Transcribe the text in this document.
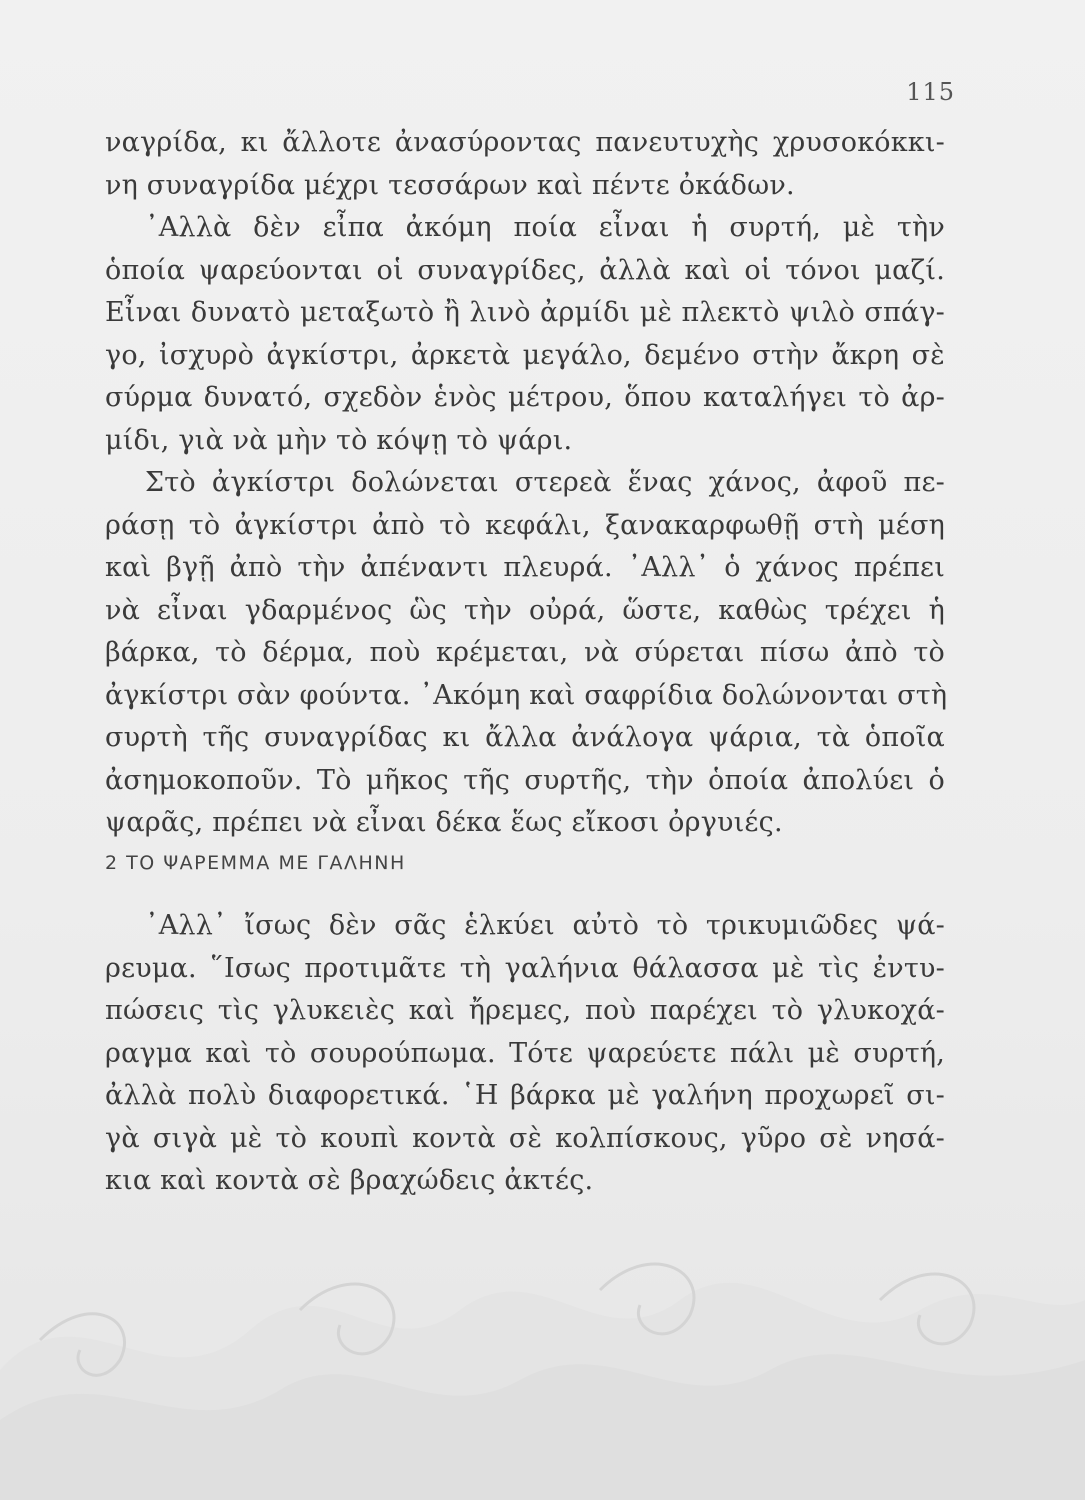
115
ναγρίδα, κι ἄλλοτε ἀνασύροντας πανευτυχὴς χρυσοκόκκι-
νη συναγρίδα μέχρι τεσσάρων καὶ πέντε ὀκάδων.
᾿Αλλὰ δὲν εἶπα ἀκόμη ποία εἶναι ἡ συρτή, μὲ τὴν
ὁποία ψαρεύονται οἱ συναγρίδες, ἀλλὰ καὶ οἱ τόνοι μαζί.
Εἶναι δυνατὸ μεταξωτὸ ἢ λινὸ ἀρμίδι μὲ πλεκτὸ ψιλὸ σπάγ-
γο, ἰσχυρὸ ἀγκίστρι, ἀρκετὰ μεγάλο, δεμένο στὴν ἄκρη σὲ
σύρμα δυνατό, σχεδὸν ἑνὸς μέτρου, ὅπου καταλήγει τὸ ἀρ-
μίδι, γιὰ νὰ μὴν τὸ κόψῃ τὸ ψάρι.
Στὸ ἀγκίστρι δολώνεται στερεὰ ἕνας χάνος, ἀφοῦ πε-
ράσῃ τὸ ἀγκίστρι ἀπὸ τὸ κεφάλι, ξανακαρφωθῇ στὴ μέση
καὶ βγῇ ἀπὸ τὴν ἀπέναντι πλευρά. ᾿Αλλ᾿ ὁ χάνος πρέπει
νὰ εἶναι γδαρμένος ὣς τὴν οὐρά, ὥστε, καθὼς τρέχει ἡ
βάρκα, τὸ δέρμα, ποὺ κρέμεται, νὰ σύρεται πίσω ἀπὸ τὸ
ἀγκίστρι σὰν φούντα. ᾿Ακόμη καὶ σαφρίδια δολώνονται στὴ
συρτὴ τῆς συναγρίδας κι ἄλλα ἀνάλογα ψάρια, τὰ ὁποῖα
ἀσημοκοποῦν. Τὸ μῆκος τῆς συρτῆς, τὴν ὁποία ἀπολύει ὁ
ψαρᾶς, πρέπει νὰ εἶναι δέκα ἕως εἴκοσι ὀργυιές.
2 ΤΟ ΨΑΡΕΜΜΑ ΜΕ ΓΑΛΗΝΗ
᾿Αλλ᾿ ἴσως δὲν σᾶς ἑλκύει αὐτὸ τὸ τρικυμιῶδες ψά-
ρευμα. ῞Ισως προτιμᾶτε τὴ γαλήνια θάλασσα μὲ τὶς ἐντυ-
πώσεις τὶς γλυκειὲς καὶ ἤρεμες, ποὺ παρέχει τὸ γλυκοχά-
ραγμα καὶ τὸ σουρούπωμα. Τότε ψαρεύετε πάλι μὲ συρτή,
ἀλλὰ πολὺ διαφορετικά. ῾Η βάρκα μὲ γαλήνη προχωρεῖ σι-
γὰ σιγὰ μὲ τὸ κουπὶ κοντὰ σὲ κολπίσκους, γῦρο σὲ νησά-
κια καὶ κοντὰ σὲ βραχώδεις ἀκτές.
